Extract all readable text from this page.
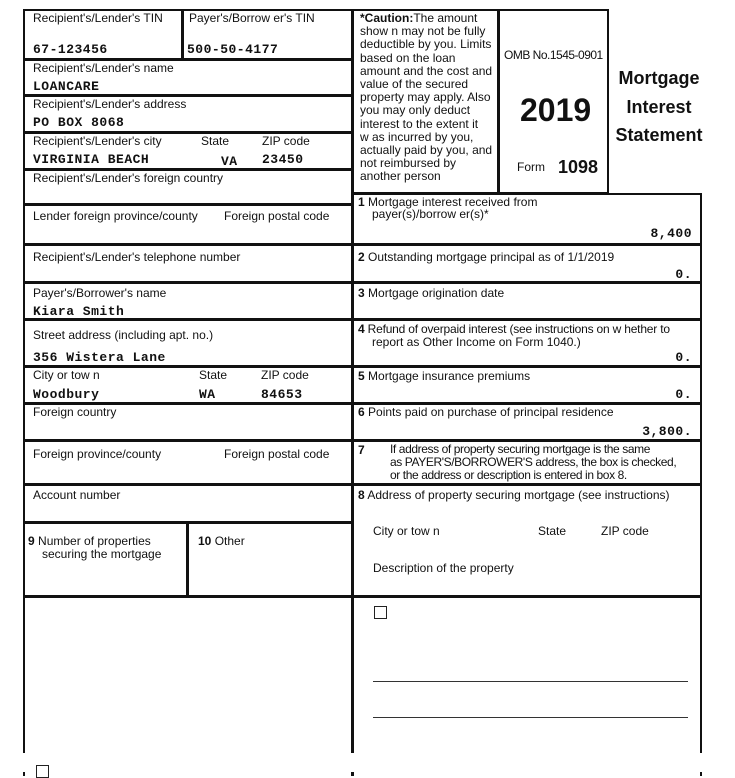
Recipient's/Lender's TIN
67-123456
Payer's/Borrow er's TIN
500-50-4177
Recipient's/Lender's name
LOANCARE
Recipient's/Lender's address
PO BOX 8068
Recipient's/Lender's city	State	ZIP code
VIRGINIA BEACH	VA 23450
Recipient's/Lender's foreign country
Lender foreign province/county Foreign postal code
Recipient's/Lender's telephone number
Payer's/Borrower's name
Kiara Smith
Street address (including apt. no.)
356 Wistera Lane
City or tow n	State	ZIP code
Woodbury	WA	84653
Foreign country
Foreign province/county	Foreign postal code
Account number
9 Number of properties
securing the mortgage
10 Other
*Caution:The amount
show n may not be fully
deductible by you. Limits
based on the loan
amount and the cost and
value of the secured
property may apply. Also
you may only deduct
interest to the extent it
w as incurred by you,
actually paid by you, and
not reimbursed by
another person
OMB No.1545-0901
2019
Form 1098
Mortgage
Interest
Statement
1 Mortgage interest received from
payer(s)/borrow er(s)*
8,400
2 Outstanding mortgage principal as of 1/1/2019
0.
3 Mortgage origination date
4 Refund of overpaid interest (see instructions on w hether to
report as Other Income on Form 1040.)
0.
5 Mortgage insurance premiums
0.
6 Points paid on purchase of principal residence
3,800.
7 If address of property securing mortgage is the same
as PAYER'S/BORROWER'S address, the box is checked,
or the address or description is entered in box 8.
8 Address of property securing mortgage (see instructions)
City or tow n	State	ZIP code
Description of the property
